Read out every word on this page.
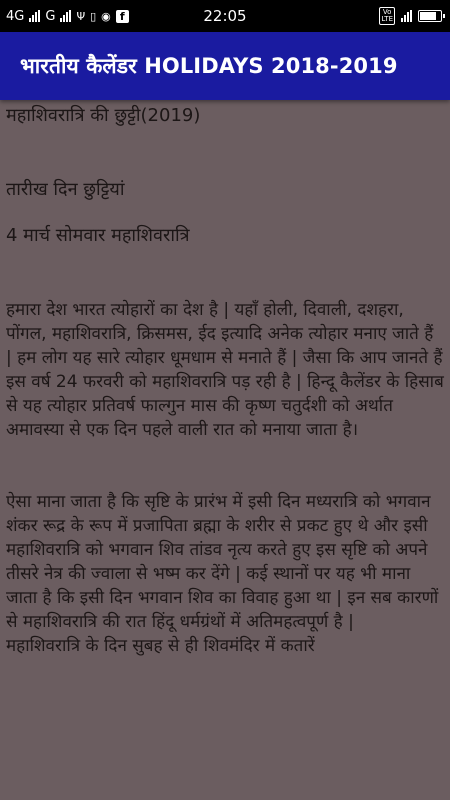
4G G Ψ ▯ ◉ f	22:05	Vo
LTE
भारतीय कैलेंडर HOLIDAYS 2018-2019
महाशिवरात्रि की छुट्टी(2019)
तारीख दिन छुट्टियां
4 मार्च सोमवार महाशिवरात्रि
हमारा देश भारत त्योहारों का देश है | यहाँ होली, दिवाली, दशहरा, पोंगल, महाशिवरात्रि, क्रिसमस, ईद इत्यादि अनेक त्योहार मनाए जाते हैं | हम लोग यह सारे त्योहार धूमधाम से मनाते हैं | जैसा कि आप जानते हैं इस वर्ष 24 फरवरी को महाशिवरात्रि पड़ रही है | हिन्दू कैलेंडर के हिसाब से यह त्योहार प्रतिवर्ष फाल्गुन मास की कृष्ण चतुर्दशी को अर्थात अमावस्या से एक दिन पहले वाली रात को मनाया जाता है।
ऐसा माना जाता है कि सृष्टि के प्रारंभ में इसी दिन मध्यरात्रि को भगवान शंकर रूद्र के रूप में प्रजापिता ब्रह्मा के शरीर से प्रकट हुए थे और इसी महाशिवरात्रि को भगवान शिव तांडव नृत्य करते हुए इस सृष्टि को अपने तीसरे नेत्र की ज्वाला से भष्म कर देंगे | कई स्थानों पर यह भी माना जाता है कि इसी दिन भगवान शिव का विवाह हुआ था | इन सब कारणों से महाशिवरात्रि की रात हिंदू धर्मग्रंथों में अतिमहत्वपूर्ण है |
महाशिवरात्रि के दिन सुबह से ही शिवमंदिर में कतारें
